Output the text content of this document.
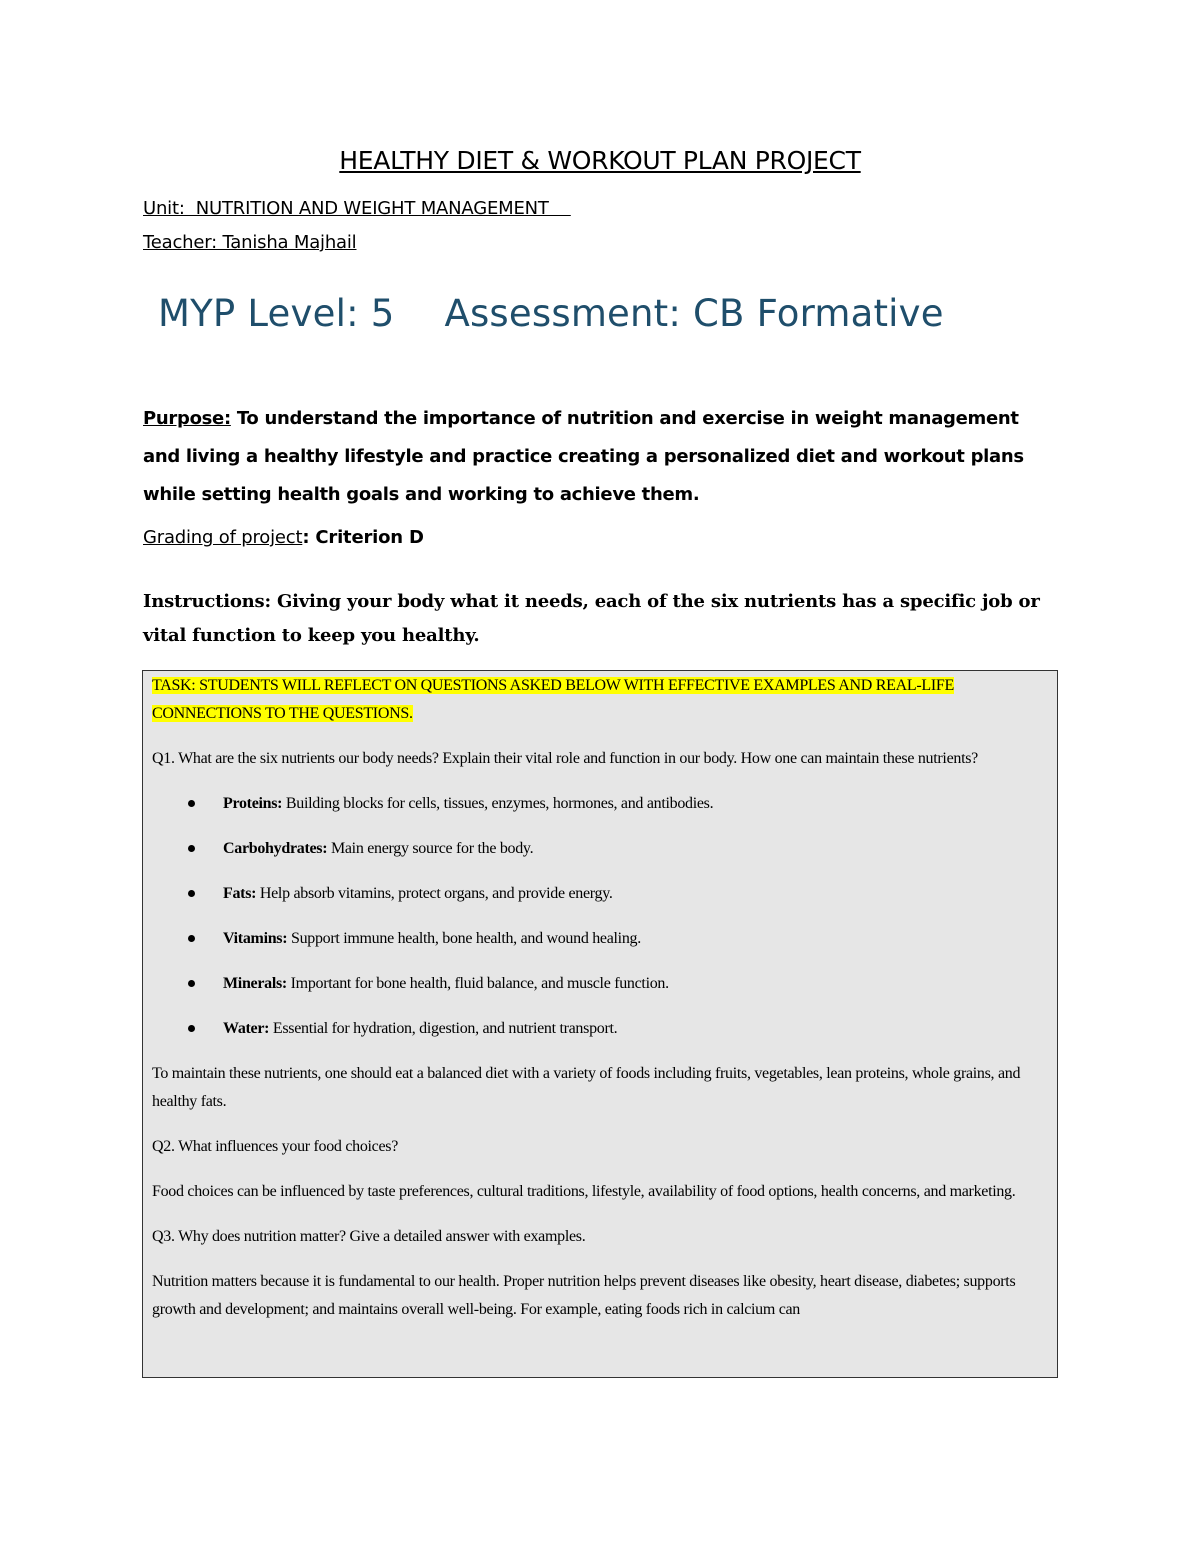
HEALTHY DIET & WORKOUT PLAN PROJECT
Unit:  NUTRITION AND WEIGHT MANAGEMENT
Teacher: Tanisha Majhail
MYP Level: 5 Assessment: CB Formative
Purpose: To understand the importance of nutrition and exercise in weight management and living a healthy lifestyle and practice creating a personalized diet and workout plans while setting health goals and working to achieve them.
Grading of project: Criterion D
Instructions: Giving your body what it needs, each of the six nutrients has a specific job or vital function to keep you healthy.
TASK: STUDENTS WILL REFLECT ON QUESTIONS ASKED BELOW WITH EFFECTIVE EXAMPLES AND REAL-LIFE CONNECTIONS TO THE QUESTIONS.

Q1. What are the six nutrients our body needs? Explain their vital role and function in our body. How one can maintain these nutrients?

Proteins: Building blocks for cells, tissues, enzymes, hormones, and antibodies.
Carbohydrates: Main energy source for the body.
Fats: Help absorb vitamins, protect organs, and provide energy.
Vitamins: Support immune health, bone health, and wound healing.
Minerals: Important for bone health, fluid balance, and muscle function.
Water: Essential for hydration, digestion, and nutrient transport.

To maintain these nutrients, one should eat a balanced diet with a variety of foods including fruits, vegetables, lean proteins, whole grains, and healthy fats.

Q2. What influences your food choices?

Food choices can be influenced by taste preferences, cultural traditions, lifestyle, availability of food options, health concerns, and marketing.

Q3. Why does nutrition matter? Give a detailed answer with examples.

Nutrition matters because it is fundamental to our health. Proper nutrition helps prevent diseases like obesity, heart disease, diabetes; supports growth and development; and maintains overall well-being. For example, eating foods rich in calcium can
